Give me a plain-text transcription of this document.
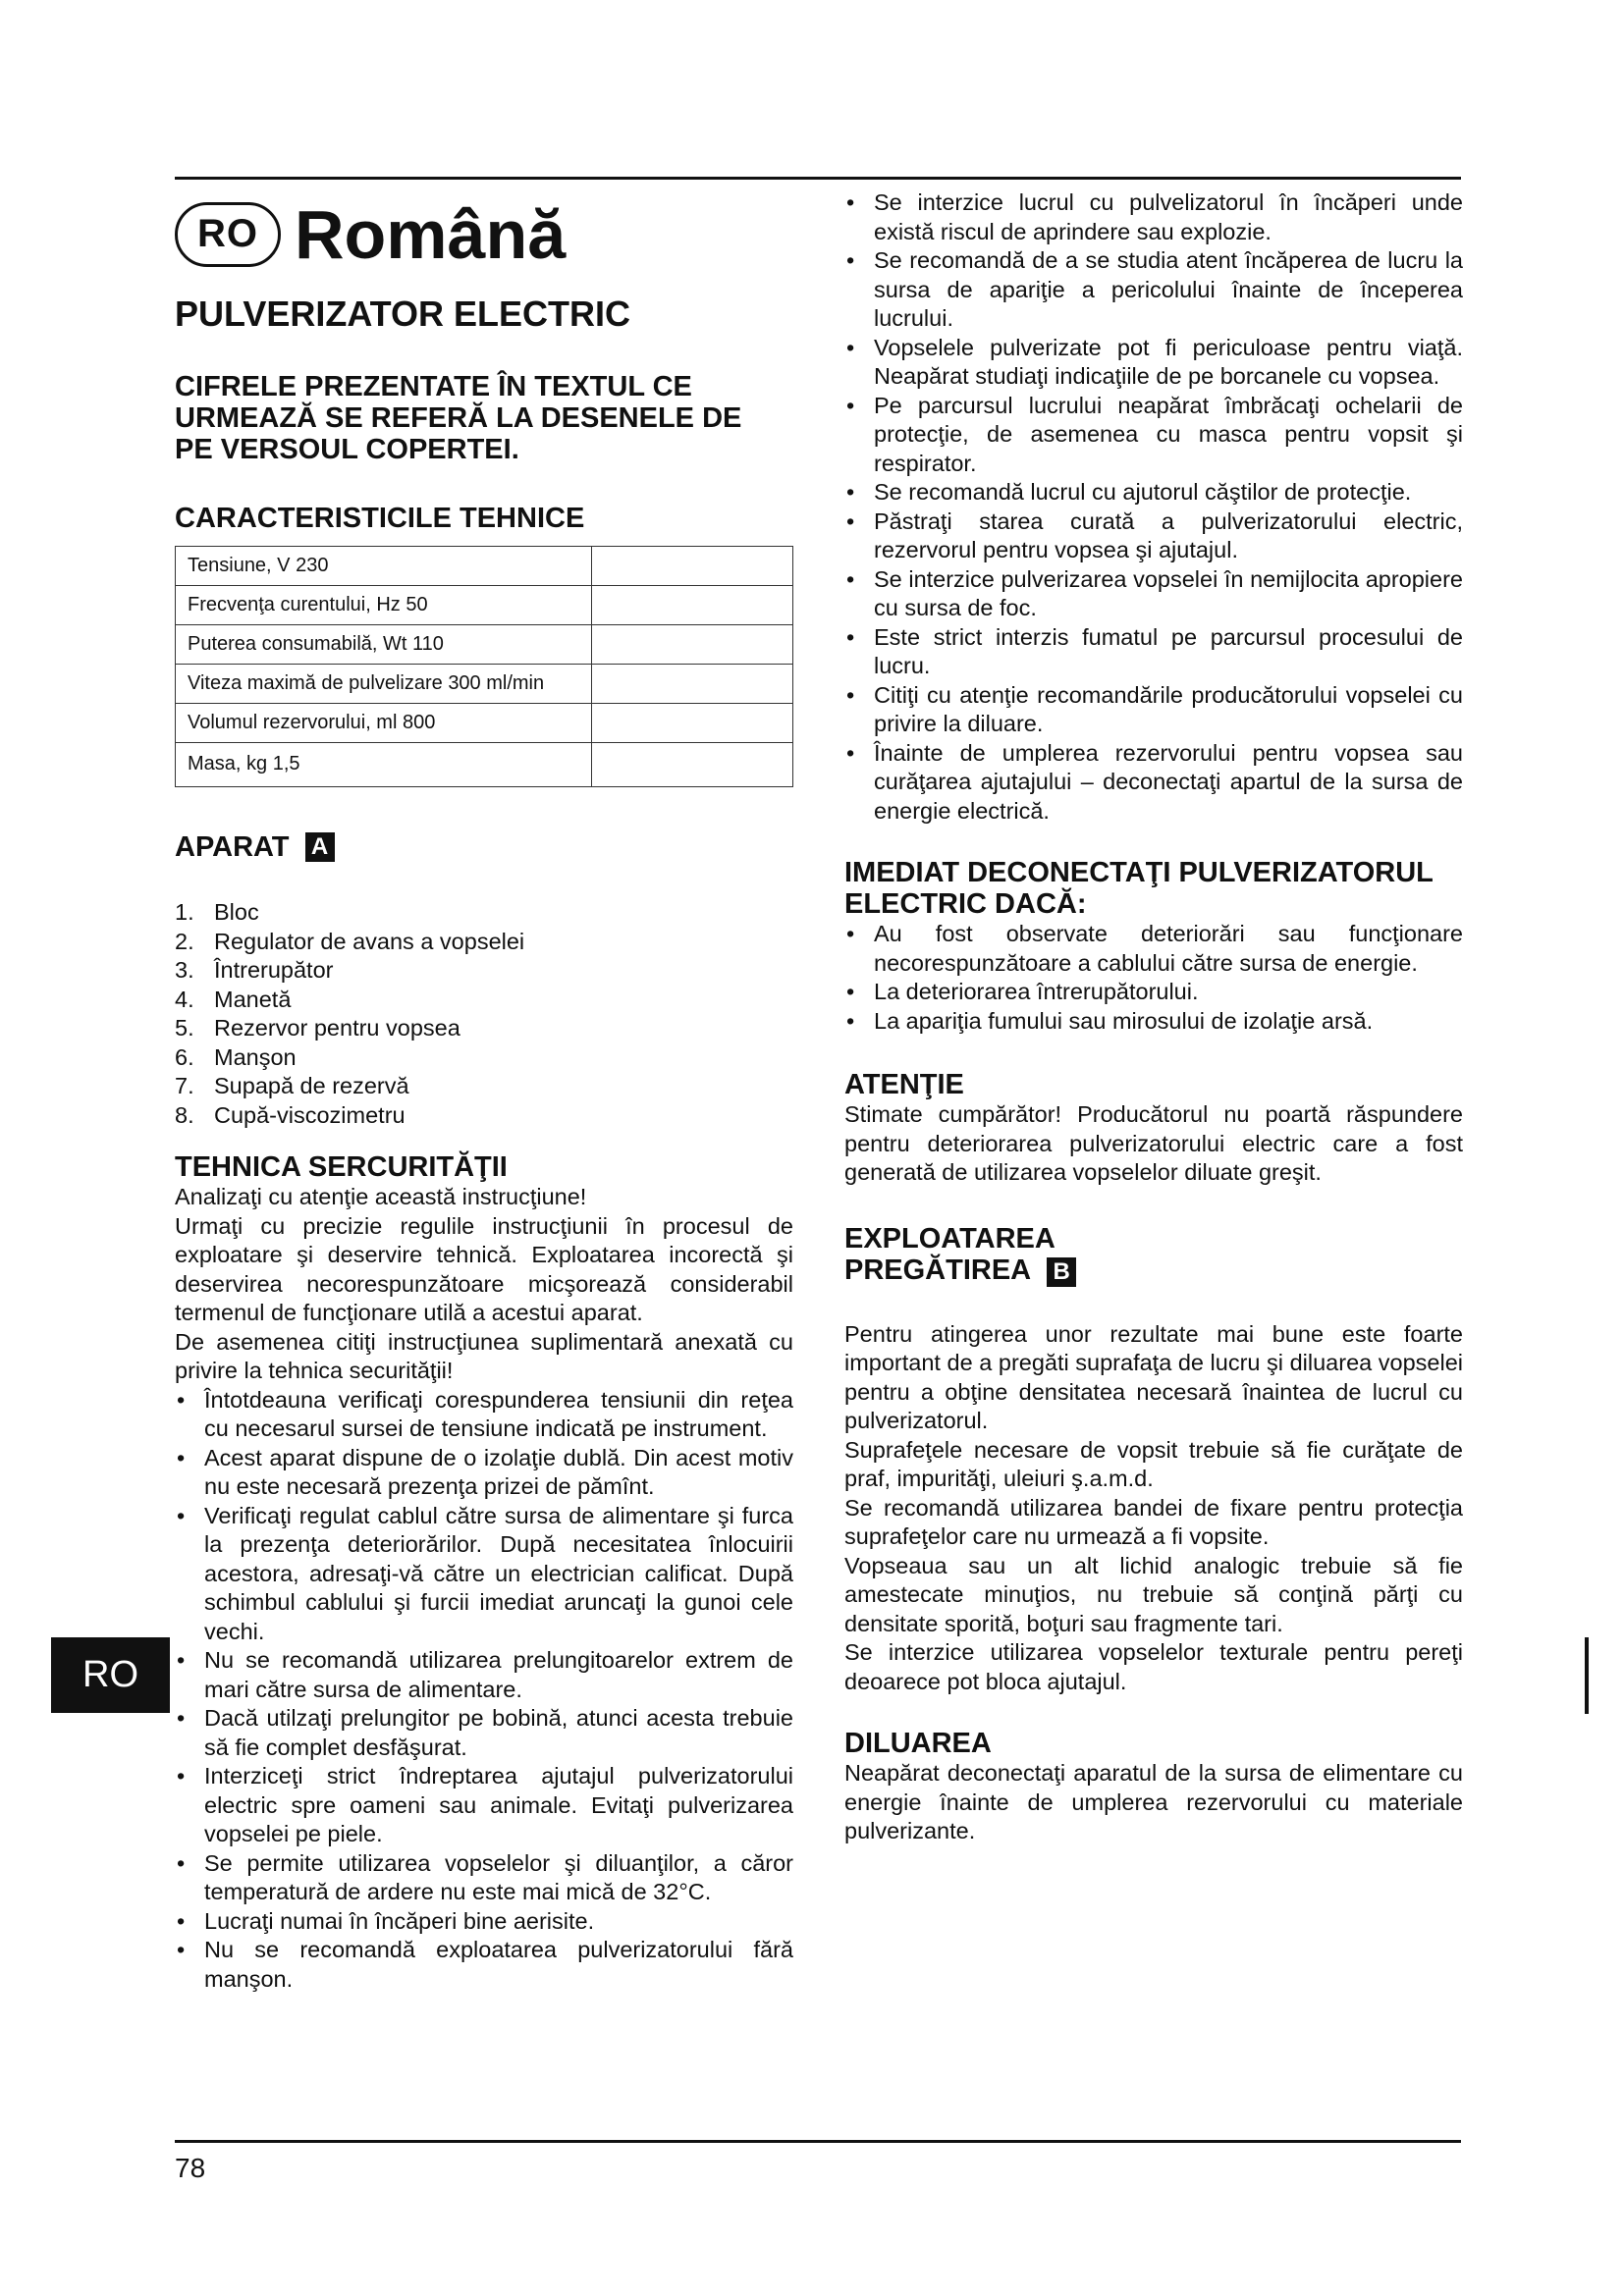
RO Română
PULVERIZATOR ELECTRIC
CIFRELE PREZENTATE ÎN TEXTUL CE
URMEAZĂ SE REFERĂ LA DESENELE DE
PE VERSOUL COPERTEI.
CARACTERISTICILE TEHNICE
Tensiune, V 230	
Frecvenţa curentului, Hz 50	
Puterea consumabilă, Wt 110	
Viteza maximă de pulvelizare 300 ml/min	
Volumul rezervorului, ml 800	
Masa, kg 1,5	
APARAT A
1. Bloc
2. Regulator de avans a vopselei
3. Întrerupător
4. Manetă
5. Rezervor pentru vopsea
6. Manşon
7. Supapă de rezervă
8. Cupă-viscozimetru
TEHNICA SERCURITĂŢII

Analizaţi cu atenţie această instrucţiune!

Urmaţi cu precizie regulile instrucţiunii în procesul de exploatare şi deservire tehnică. Exploatarea incorectă şi deservirea necorespunzătoare micşorează considerabil termenul de funcţionare utilă a acestui aparat.

De asemenea citiţi instrucţiunea suplimentară anexată cu privire la tehnica securităţii!

• Întotdeauna verificaţi corespunderea tensiunii din reţea cu necesarul sursei de tensiune indicată pe instrument.
• Acest aparat dispune de o izolaţie dublă. Din acest motiv nu este necesară prezenţa prizei de pămînt.
• Verificaţi regulat cablul către sursa de alimentare şi furca la prezenţa deteriorărilor. După necesitatea înlocuirii acestora, adresaţi-vă către un electrician calificat. După schimbul cablului şi furcii imediat aruncaţi la gunoi cele vechi.
• Nu se recomandă utilizarea prelungitoarelor extrem de mari către sursa de alimentare.
• Dacă utilzaţi prelungitor pe bobină, atunci acesta trebuie să fie complet desfăşurat.
• Interziceţi strict îndreptarea ajutajul pulverizatorului electric spre oameni sau animale. Evitaţi pulverizarea vopselei pe piele.
• Se permite utilizarea vopselelor şi diluanţilor, a căror temperatură de ardere nu este mai mică de 32°C.
• Lucraţi numai în încăperi bine aerisite.
• Nu se recomandă exploatarea pulverizatorului fără manşon.
• Se interzice lucrul cu pulvelizatorul în încăperi unde există riscul de aprindere sau explozie.
• Se recomandă de a se studia atent încăperea de lucru la sursa de apariţie a pericolului înainte de începerea lucrului.
• Vopselele pulverizate pot fi periculoase pentru viaţă. Neapărat studiaţi indicaţiile de pe borcanele cu vopsea.
• Pe parcursul lucrului neapărat îmbrăcaţi ochelarii de protecţie, de asemenea cu masca pentru vopsit şi respirator.
• Se recomandă lucrul cu ajutorul căştilor de protecţie.
• Păstraţi starea curată a pulverizatorului electric, rezervorul pentru vopsea şi ajutajul.
• Se interzice pulverizarea vopselei în nemijlocita apropiere cu sursa de foc.
• Este strict interzis fumatul pe parcursul procesului de lucru.
• Citiţi cu atenţie recomandările producătorului vopselei cu privire la diluare.
• Înainte de umplerea rezervorului pentru vopsea sau curăţarea ajutajului – deconectaţi apartul de la sursa de energie electrică.
IMEDIAT DECONECTAŢI PULVERIZATORUL
ELECTRIC DACĂ:
• Au fost observate deteriorări sau funcţionare necorespunzătoare a cablului către sursa de energie.
• La deteriorarea întrerupătorului.
• La apariţia fumului sau mirosului de izolaţie arsă.
ATENŢIE

Stimate cumpărător! Producătorul nu poartă răspundere pentru deteriorarea pulverizatorului electric care a fost generată de utilizarea vopselelor diluate greşit.

EXPLOATAREA
PREGĂTIREA B

Pentru atingerea unor rezultate mai bune este foarte important de a pregăti suprafaţa de lucru şi diluarea vopselei pentru a obţine densitatea necesară înaintea de lucrul cu pulverizatorul.

Suprafeţele necesare de vopsit trebuie să fie curăţate de praf, impurităţi, uleiuri ş.a.m.d.

Se recomandă utilizarea bandei de fixare pentru protecţia suprafeţelor care nu urmează a fi vopsite.

Vopseaua sau un alt lichid analogic trebuie să fie amestecate minuţios, nu trebuie să conţină părţi cu densitate sporită, boţuri sau fragmente tari.

Se interzice utilizarea vopselelor texturale pentru pereţi deoarece pot bloca ajutajul.

DILUAREA

Neapărat deconectaţi aparatul de la sursa de elimentare cu energie înainte de umplerea rezervorului cu materiale pulverizante.

RO
78
